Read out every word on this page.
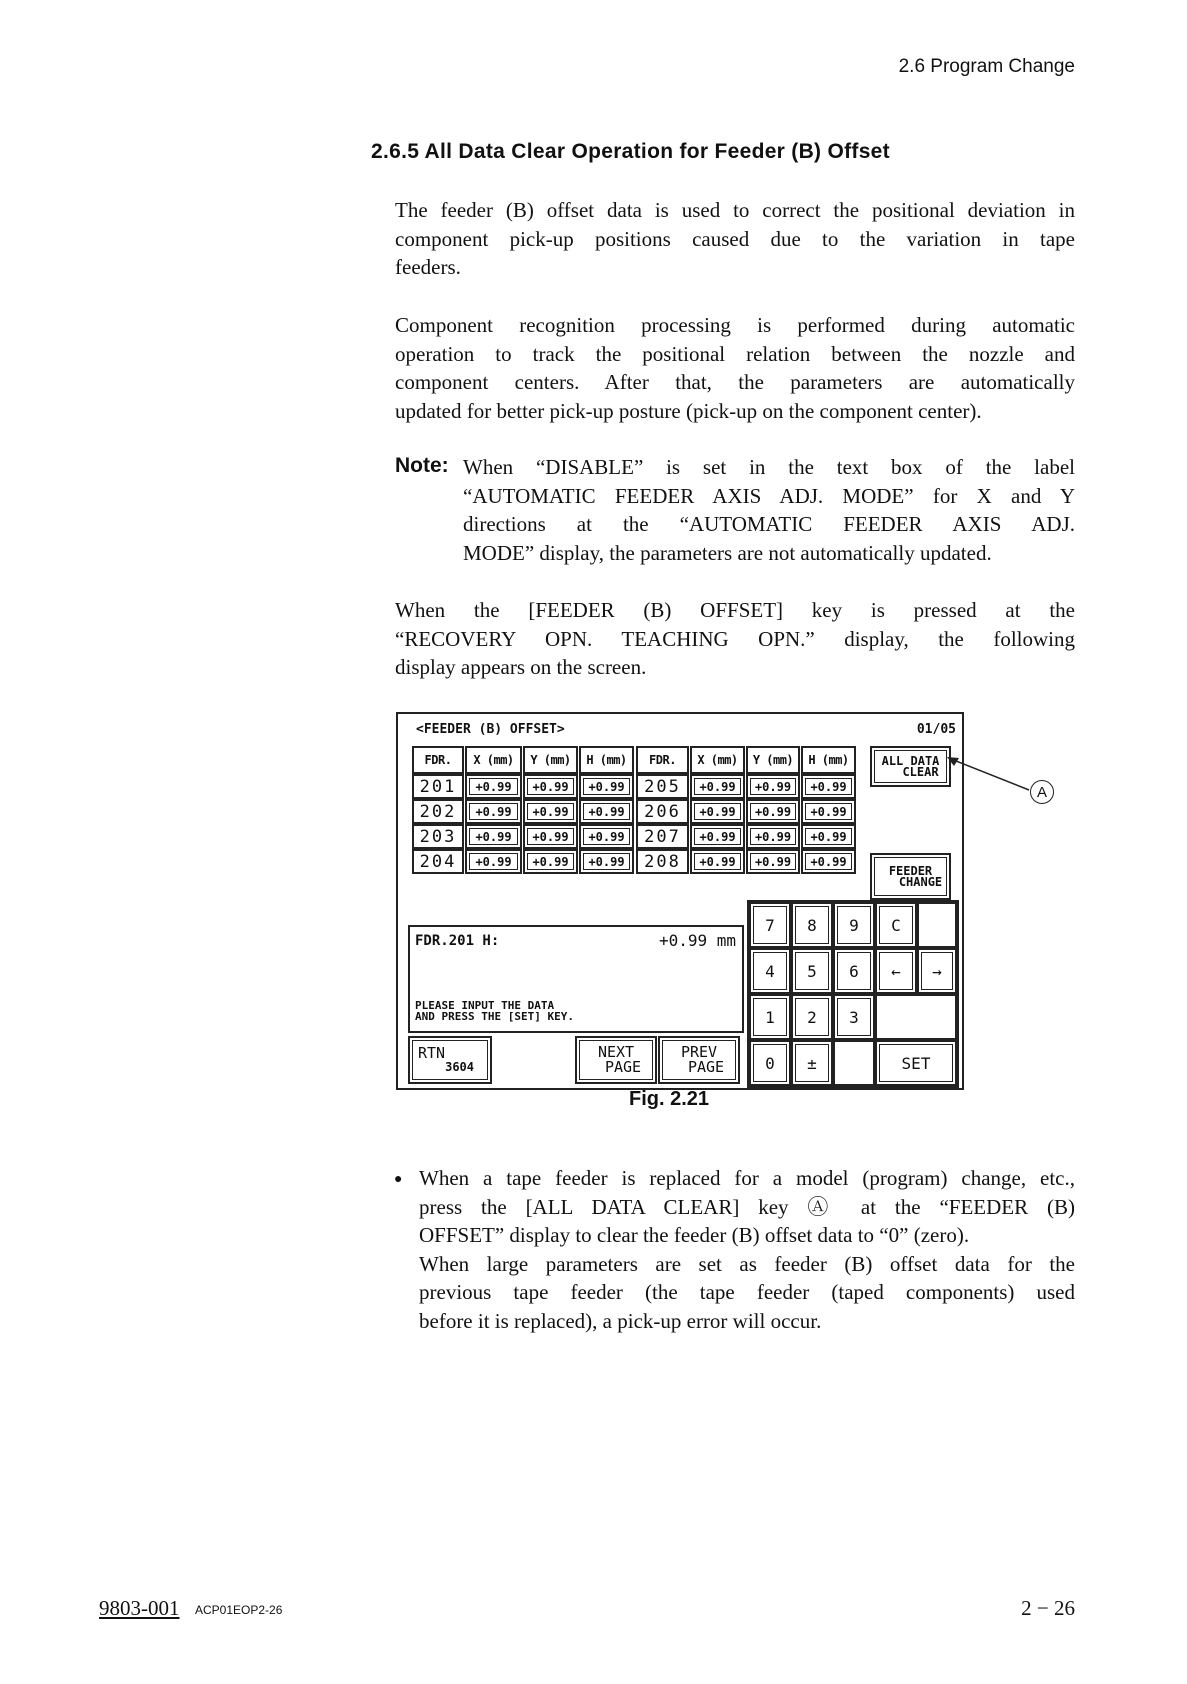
2.6 Program Change
2.6.5 All Data Clear Operation for Feeder (B) Offset
The feeder (B) offset data is used to correct the positional deviation in
component pick-up positions caused due to the variation in tape
feeders.
Component recognition processing is performed during automatic
operation to track the positional relation between the nozzle and
component centers. After that, the parameters are automatically
updated for better pick-up posture (pick-up on the component center).
Note: When “DISABLE” is set in the text box of the label
“AUTOMATIC FEEDER AXIS ADJ. MODE” for X and Y
directions at the “AUTOMATIC FEEDER AXIS ADJ.
MODE” display, the parameters are not automatically updated.
When the [FEEDER (B) OFFSET] key is pressed at the
“RECOVERY OPN. TEACHING OPN.” display, the following
display appears on the screen.
<FEEDER (B) OFFSET>	01/05
FDR.	X (mm)	Y (mm)	H (mm)	FDR.	X (mm)	Y (mm)	H (mm)
201	+0.99	+0.99	+0.99	205	+0.99	+0.99	+0.99
202	+0.99	+0.99	+0.99	206	+0.99	+0.99	+0.99
203	+0.99	+0.99	+0.99	207	+0.99	+0.99	+0.99
204	+0.99	+0.99	+0.99	208	+0.99	+0.99	+0.99
ALL DATA
CLEAR
FEEDER
CHANGE
FDR.201 H:	+0.99 mm
PLEASE INPUT THE DATA
AND PRESS THE [SET] KEY.
RTN
3604
NEXT
PAGE
PREV
PAGE
7	8	9	C
4	5	6	←	→
1	2	3
0	±	SET
A
Fig. 2.21
● When a tape feeder is replaced for a model (program) change, etc.,
press the [ALL DATA CLEAR] key Ⓐ at the “FEEDER (B)
OFFSET” display to clear the feeder (B) offset data to “0” (zero).
When large parameters are set as feeder (B) offset data for the
previous tape feeder (the tape feeder (taped components) used
before it is replaced), a pick-up error will occur.
9803-001 ACP01EOP2-26	2 − 26
